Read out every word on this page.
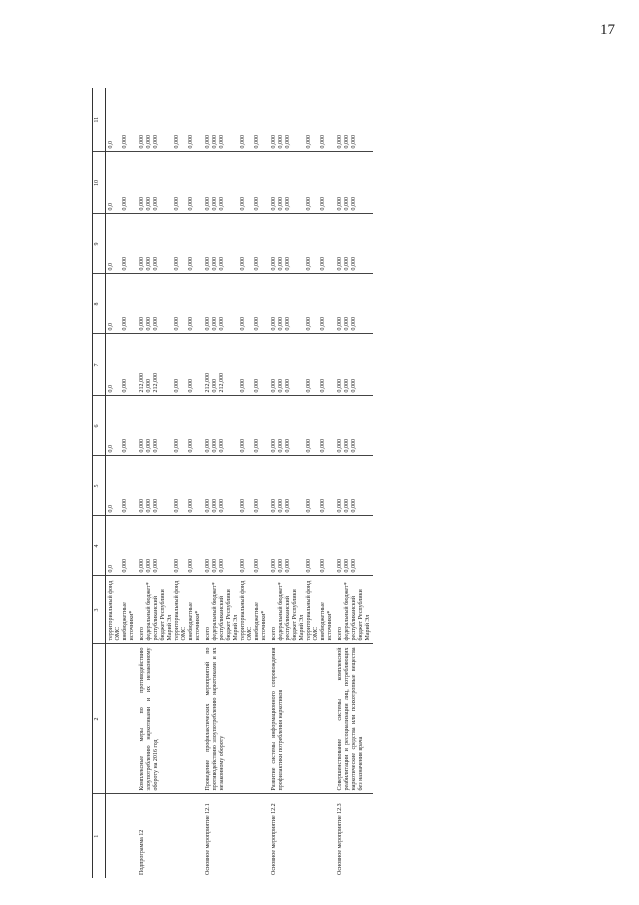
17
1	2	3	4	5	6	7	8	9	10	11

		территориальный фонд ОМС внебюджетные источники*	0,0 0,000	0,0 0,000	0,0 0,000	0,0 0,000	0,0 0,000	0,0 0,000	0,0 0,000	0,0 0,000

Подпрограмма 12	Комплексные меры по противодействию злоупотреблению наркотиками и их незаконному обороту на 2016 год	всего федеральный бюджет* республиканский бюджет Республики Марий Эл территориальный фонд ОМС внебюджетные источники*	0,000 0,000 0,000 0,000 0,000	0,000 0,000 0,000 0,000 0,000	0,000 0,000 0,000 0,000 0,000	212,000 0,000 212,000 0,000 0,000	0,000 0,000 0,000 0,000 0,000	0,000 0,000 0,000 0,000 0,000	0,000 0,000 0,000 0,000 0,000	0,000 0,000 0,000 0,000 0,000

Основное мероприятие 12.1	Проведение профилактических мероприятий по противодействию злоупотреблению наркотиками и их незаконному обороту	всего федеральный бюджет* республиканский бюджет Республики Марий Эл территориальный фонд ОМС внебюджетные источники*	0,000 0,000 0,000 0,000 0,000	0,000 0,000 0,000 0,000 0,000	0,000 0,000 0,000 0,000 0,000	212,000 0,000 212,000 0,000 0,000	0,000 0,000 0,000 0,000 0,000	0,000 0,000 0,000 0,000 0,000	0,000 0,000 0,000 0,000 0,000	0,000 0,000 0,000 0,000 0,000

Основное мероприятие 12.2	Развитие системы информационного сопровождения профилактики потребления наркотиков	всего федеральный бюджет* республиканский бюджет Республики Марий Эл территориальный фонд ОМС внебюджетные источники*	0,000 0,000 0,000 0,000 0,000	0,000 0,000 0,000 0,000 0,000	0,000 0,000 0,000 0,000 0,000	0,000 0,000 0,000 0,000 0,000	0,000 0,000 0,000 0,000 0,000	0,000 0,000 0,000 0,000 0,000	0,000 0,000 0,000 0,000 0,000	0,000 0,000 0,000 0,000 0,000

Основное мероприятие 12.3	Совершенствование системы комплексной реабилитации и ресоциализации лиц, потребляющих наркотические средства или психотропные вещества без назначения врача	всего федеральный бюджет* республиканский бюджет Республики Марий Эл	0,000 0,000 0,000	0,000 0,000 0,000	0,000 0,000 0,000	0,000 0,000 0,000	0,000 0,000 0,000	0,000 0,000 0,000	0,000 0,000 0,000	0,000 0,000 0,000
